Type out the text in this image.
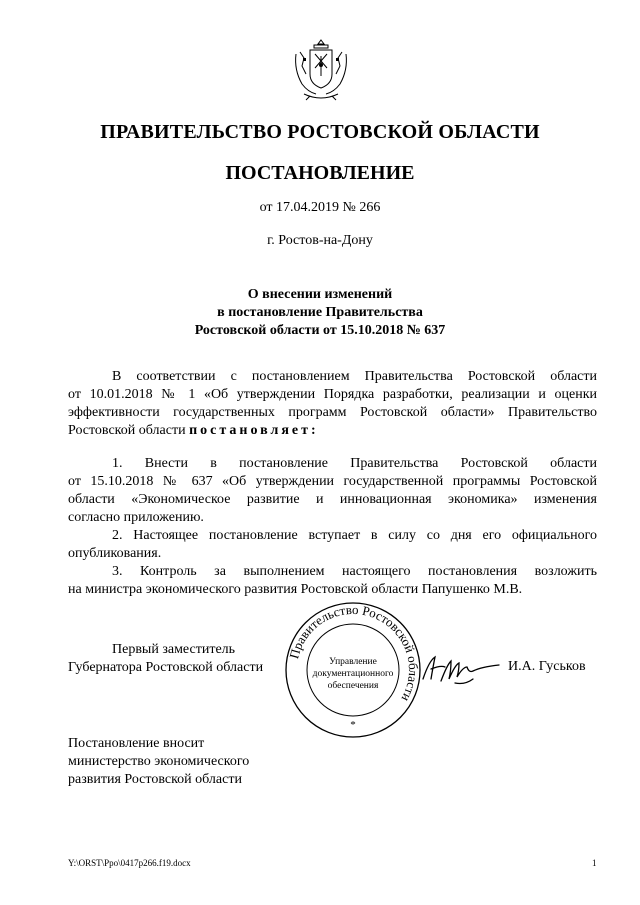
ПРАВИТЕЛЬСТВО РОСТОВСКОЙ ОБЛАСТИ
ПОСТАНОВЛЕНИЕ
от 17.04.2019 № 266
г. Ростов-на-Дону
О внесении изменений
в постановление Правительства
Ростовской области от 15.10.2018 № 637
В соответствии с постановлением Правительства Ростовской области
от 10.01.2018 № 1 «Об утверждении Порядка разработки, реализации и оценки
эффективности государственных программ Ростовской области» Правительство
Ростовской области постановляет:
1. Внести в постановление Правительства Ростовской области
от 15.10.2018 № 637 «Об утверждении государственной программы Ростовской
области «Экономическое развитие и инновационная экономика» изменения
согласно приложению.
2. Настоящее постановление вступает в силу со дня его официального
опубликования.
3. Контроль за выполнением настоящего постановления возложить
на министра экономического развития Ростовской области Папушенко М.В.
Правительство Ростовской области
Управление
документационного
обеспечения
*
Первый заместитель
Губернатора Ростовской области	И.А. Гуськов
Постановление вносит
министерство экономического
развития Ростовской области
Y:\ORST\Ppo\0417p266.f19.docx	1
